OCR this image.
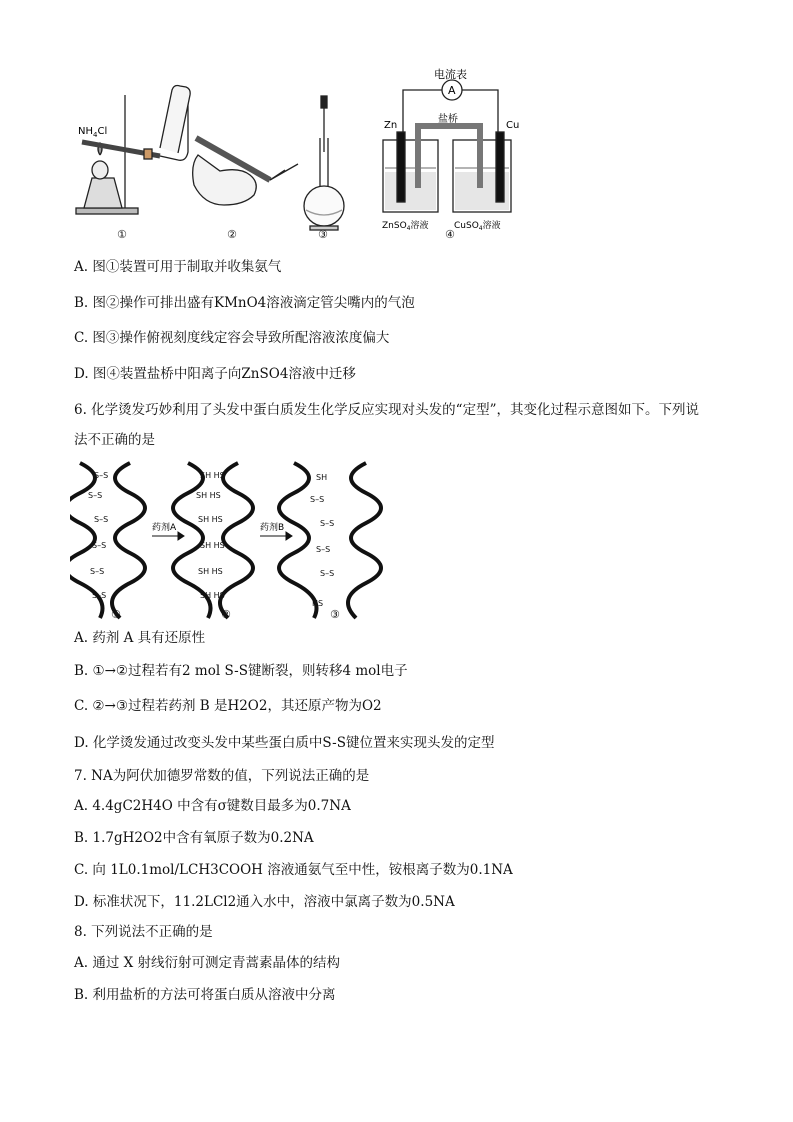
$NH_4Cl$
电流表
A
Zn	Cu
盐桥
ZnSO$_4$溶液	CuSO$_4$溶液
①	②	③	④
A. 图①装置可用于制取并收集氨气
B. 图②操作可排出盛有KMnO4溶液滴定管尖嘴内的气泡
C. 图③操作俯视刻度线定容会导致所配溶液浓度偏大
D. 图④装置盐桥中阳离子向ZnSO4溶液中迁移
6. 化学烫发巧妙利用了头发中蛋白质发生化学反应实现对头发的“定型”，其变化过程示意图如下。下列说
法不正确的是
S–S
S–S
S–S
S–S
S–S
S–S
SH HS
SH HS
SH HS
SH HS
SH HS
SH HS
SH
S–S
S–S
S–S
S–S
HS
药剂A	药剂B
①	②	③
A. 药剂 A 具有还原性
B. ①→②过程若有2 mol S-S键断裂，则转移4 mol电子
C. ②→③过程若药剂 B 是H2O2，其还原产物为O2
D. 化学烫发通过改变头发中某些蛋白质中S-S键位置来实现头发的定型
7. NA为阿伏加德罗常数的值，下列说法正确的是
A. 4.4gC2H4O 中含有σ键数目最多为0.7NA
B. 1.7gH2O2中含有氧原子数为0.2NA
C. 向 1L0.1mol/LCH3COOH 溶液通氨气至中性，铵根离子数为0.1NA
D. 标准状况下，11.2LCl2通入水中，溶液中氯离子数为0.5NA
8. 下列说法不正确的是
A. 通过 X 射线衍射可测定青蒿素晶体的结构
B. 利用盐析的方法可将蛋白质从溶液中分离
